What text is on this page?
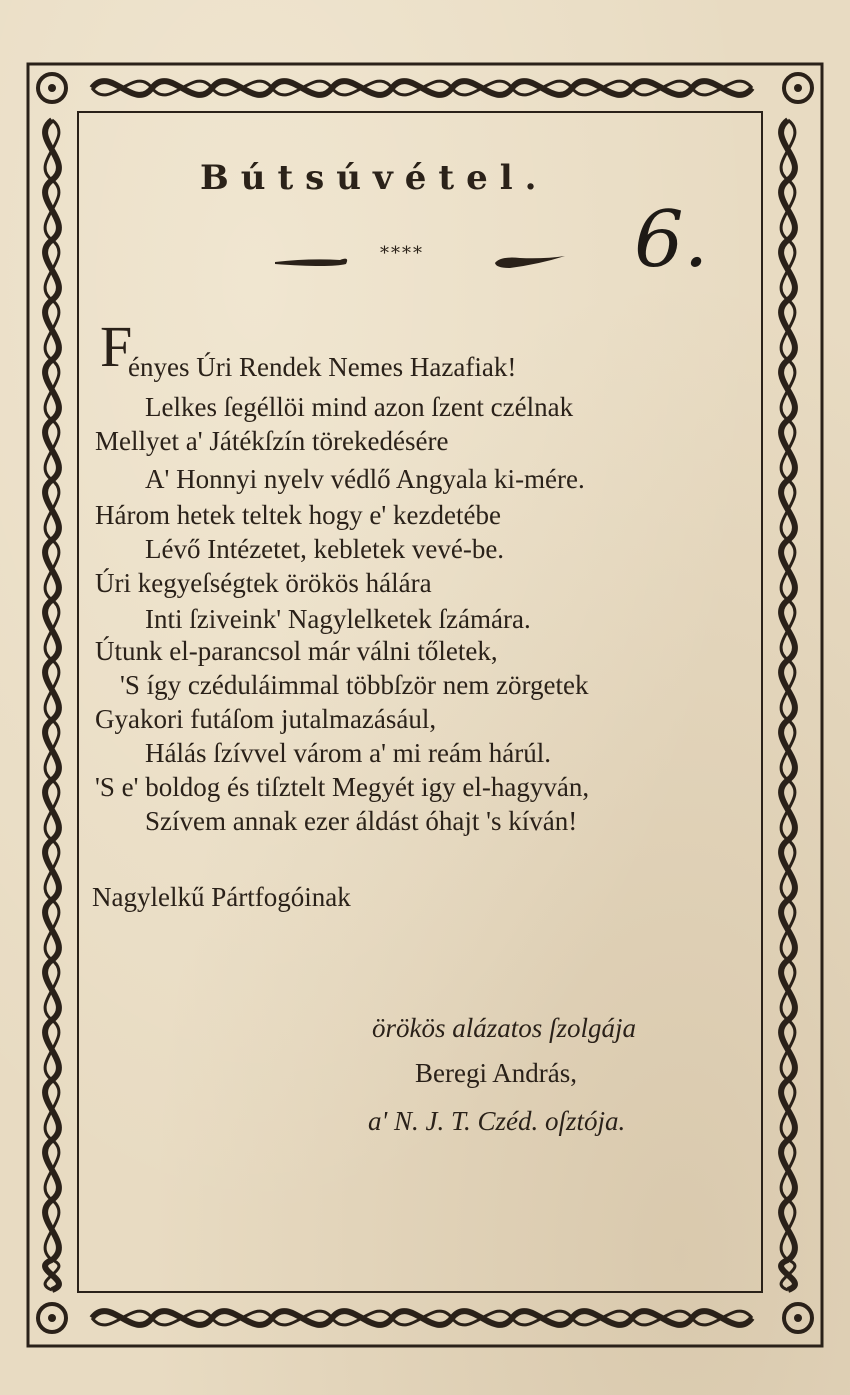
Bútsúvétel.
6.
****
F
ényes Úri Rendek Nemes Hazafiak!
Lelkes ſegéllöi mind azon ſzent czélnak
Mellyet a' Játékſzín törekedésére
A' Honnyi nyelv védlő Angyala ki-mére.
Három hetek teltek hogy e' kezdetébe
Lévő Intézetet, kebletek vevé-be.
Úri kegyeſségtek örökös hálára
Inti ſziveink' Nagylelketek ſzámára.
Útunk el-parancsol már válni tőletek,
'S így czéduláimmal többſzör nem zörgetek
Gyakori futáſom jutalmazásául,
Hálás ſzívvel várom a' mi reám hárúl.
'S e' boldog és tiſztelt Megyét igy el-hagyván,
Szívem annak ezer áldást óhajt 's kíván!
Nagylelkű Pártfogóinak
örökös alázatos ſzolgája
Beregi András,
a' N. J. T. Czéd. oſztója.
